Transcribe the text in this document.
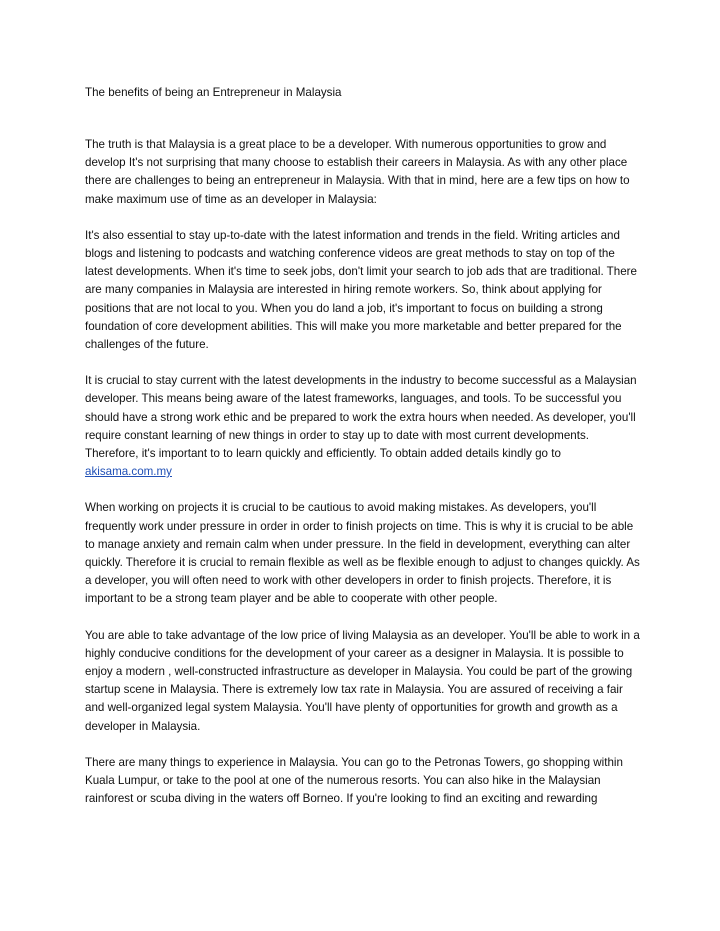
The benefits of being an Entrepreneur in Malaysia

The truth is that Malaysia is a great place to be a developer. With numerous opportunities to grow and develop It's not surprising that many choose to establish their careers in Malaysia. As with any other place there are challenges to being an entrepreneur in Malaysia. With that in mind, here are a few tips on how to make maximum use of time as an developer in Malaysia:

It's also essential to stay up-to-date with the latest information and trends in the field. Writing articles and blogs and listening to podcasts and watching conference videos are great methods to stay on top of the latest developments. When it's time to seek jobs, don't limit your search to job ads that are traditional. There are many companies in Malaysia are interested in hiring remote workers. So, think about applying for positions that are not local to you. When you do land a job, it's important to focus on building a strong foundation of core development abilities. This will make you more marketable and better prepared for the challenges of the future.

It is crucial to stay current with the latest developments in the industry to become successful as a Malaysian developer. This means being aware of the latest frameworks, languages, and tools. To be successful you should have a strong work ethic and be prepared to work the extra hours when needed. As developer, you'll require constant learning of new things in order to stay up to date with most current developments. Therefore, it's important to to learn quickly and efficiently. To obtain added details kindly go to akisama.com.my

When working on projects it is crucial to be cautious to avoid making mistakes. As developers, you'll frequently work under pressure in order in order to finish projects on time. This is why it is crucial to be able to manage anxiety and remain calm when under pressure. In the field in development, everything can alter quickly. Therefore it is crucial to remain flexible as well as be flexible enough to adjust to changes quickly. As a developer, you will often need to work with other developers in order to finish projects. Therefore, it is important to be a strong team player and be able to cooperate with other people.

You are able to take advantage of the low price of living Malaysia as an developer. You'll be able to work in a highly conducive conditions for the development of your career as a designer in Malaysia. It is possible to enjoy a modern , well-constructed infrastructure as developer in Malaysia. You could be part of the growing startup scene in Malaysia. There is extremely low tax rate in Malaysia. You are assured of receiving a fair and well-organized legal system Malaysia. You'll have plenty of opportunities for growth and growth as a developer in Malaysia.

There are many things to experience in Malaysia. You can go to the Petronas Towers, go shopping within Kuala Lumpur, or take to the pool at one of the numerous resorts. You can also hike in the Malaysian rainforest or scuba diving in the waters off Borneo. If you're looking to find an exciting and rewarding
